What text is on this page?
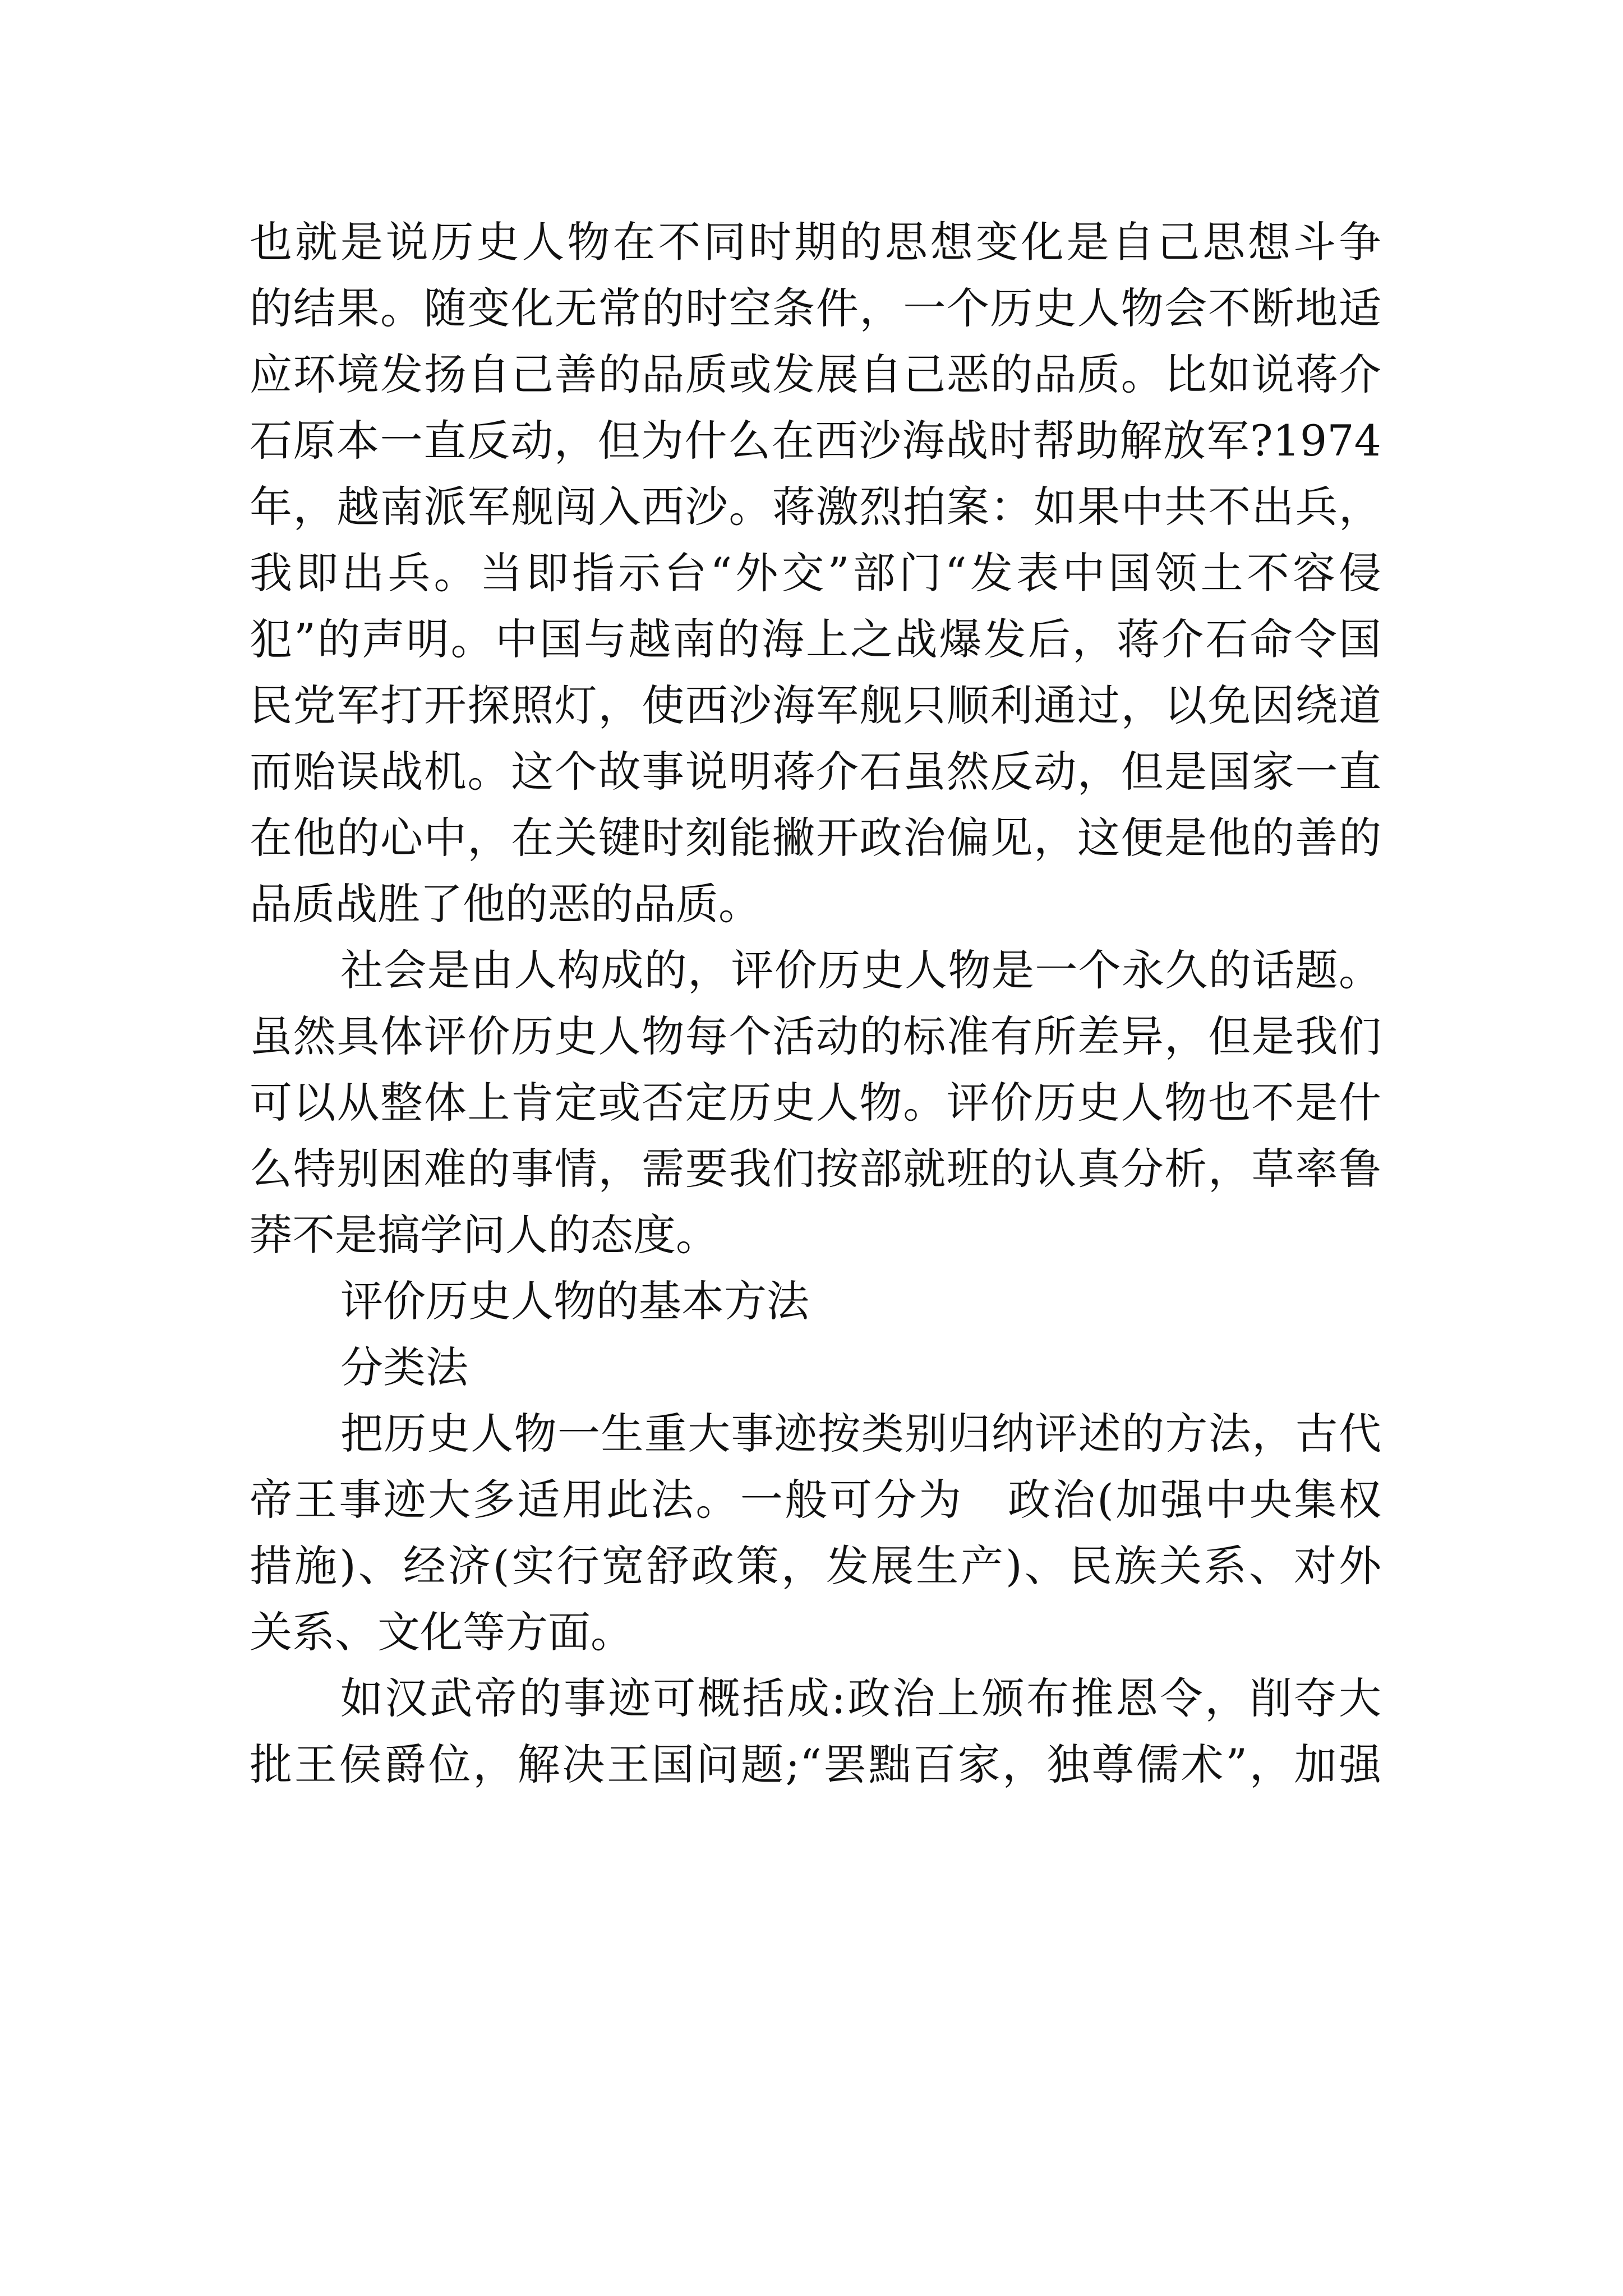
也就是说历史人物在不同时期的思想变化是自己思想斗争
的结果。随变化无常的时空条件，一个历史人物会不断地适
应环境发扬自己善的品质或发展自己恶的品质。比如说蒋介
石原本一直反动，但为什么在西沙海战时帮助解放军?1974
年，越南派军舰闯入西沙。蒋激烈拍案：如果中共不出兵，
我即出兵。当即指示台“外交”部门“发表中国领土不容侵
犯”的声明。中国与越南的海上之战爆发后，蒋介石命令国
民党军打开探照灯，使西沙海军舰只顺利通过，以免因绕道
而贻误战机。这个故事说明蒋介石虽然反动，但是国家一直
在他的心中，在关键时刻能撇开政治偏见，这便是他的善的
品质战胜了他的恶的品质。
社会是由人构成的，评价历史人物是一个永久的话题。
虽然具体评价历史人物每个活动的标准有所差异，但是我们
可以从整体上肯定或否定历史人物。评价历史人物也不是什
么特别困难的事情，需要我们按部就班的认真分析，草率鲁
莽不是搞学问人的态度。
评价历史人物的基本方法
分类法
把历史人物一生重大事迹按类别归纳评述的方法，古代
帝王事迹大多适用此法。一般可分为　政治(加强中央集权
措施)、经济(实行宽舒政策，发展生产)、民族关系、对外
关系、文化等方面。
如汉武帝的事迹可概括成:政治上颁布推恩令，削夺大
批王侯爵位，解决王国问题;“罢黜百家，独尊儒术”，加强
